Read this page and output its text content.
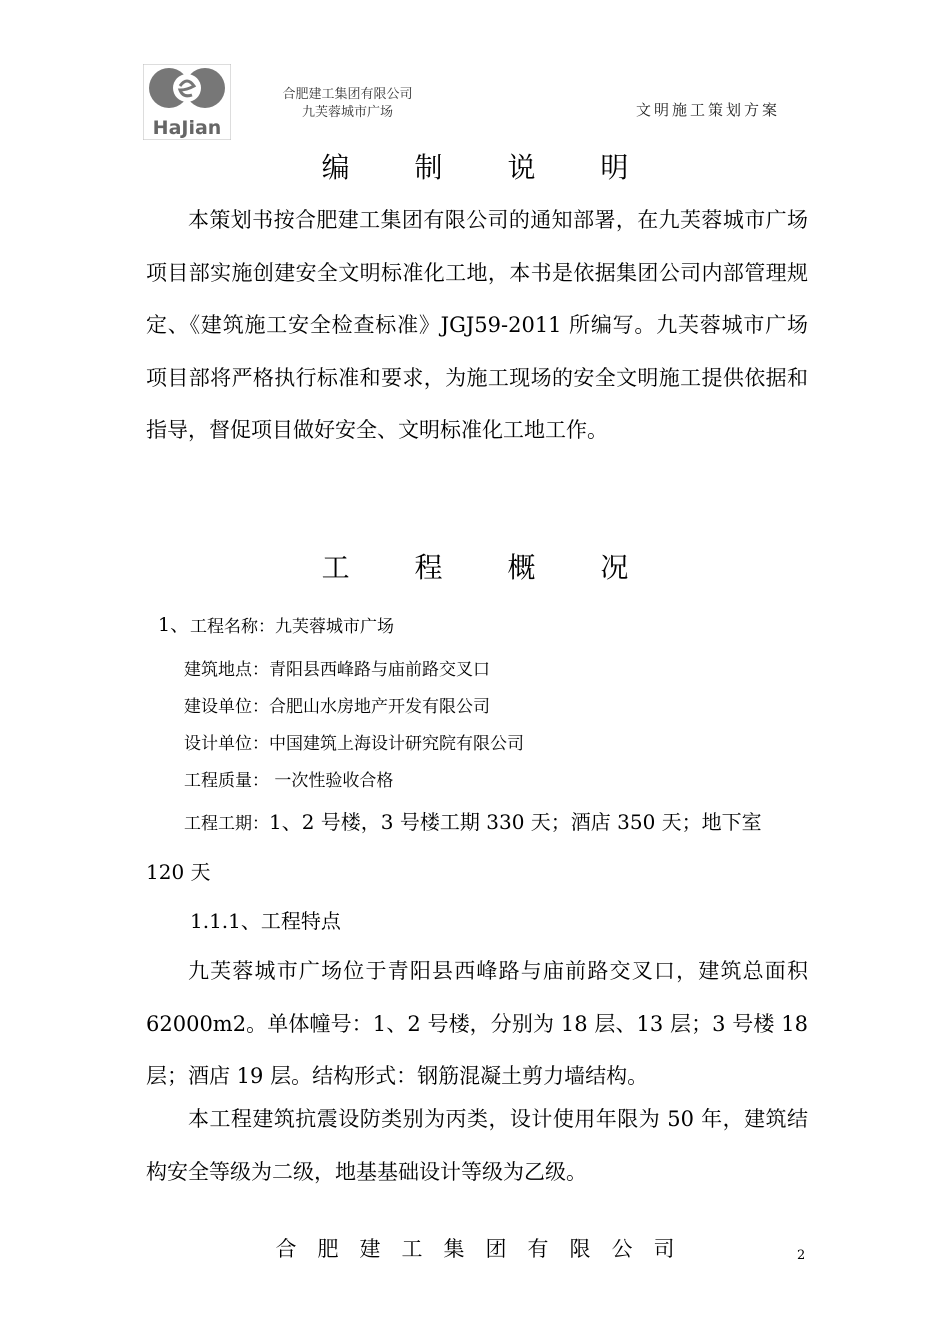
HaJian
合肥建工集团有限公司
九芙蓉城市广场	文明施工策划方案
编 制 说 明
本策划书按合肥建工集团有限公司的通知部署，在九芙蓉城市广场项目部实施创建安全文明标准化工地，本书是依据集团公司内部管理规定、《建筑施工安全检查标准》JGJ59-2011 所编写。九芙蓉城市广场项目部将严格执行标准和要求，为施工现场的安全文明施工提供依据和指导，督促项目做好安全、文明标准化工地工作。
工 程 概 况
1、 工程名称：九芙蓉城市广场
建筑地点：青阳县西峰路与庙前路交叉口
建设单位：合肥山水房地产开发有限公司
设计单位：中国建筑上海设计研究院有限公司
工程质量： 一次性验收合格
工程工期：1、2 号楼，3 号楼工期 330 天；酒店 350 天；地下室
120 天
1.1.1、工程特点
九芙蓉城市广场位于青阳县西峰路与庙前路交叉口，建筑总面积62000m2。单体幢号：1、2 号楼，分别为 18 层、13 层；3 号楼 18 层；酒店 19 层。结构形式：钢筋混凝土剪力墙结构。
本工程建筑抗震设防类别为丙类，设计使用年限为 50 年，建筑结构安全等级为二级，地基基础设计等级为乙级。
合肥建工集团有限公司	2
